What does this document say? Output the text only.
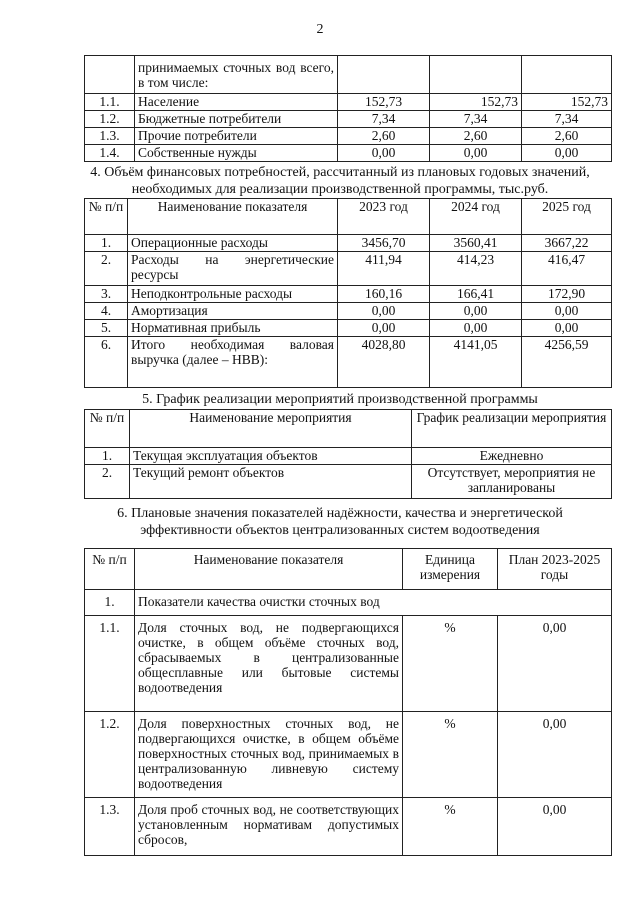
2
	принимаемых сточных вод всего, в том числе:			
1.1.	Население	152,73	152,73	152,73
1.2.	Бюджетные потребители	7,34	7,34	7,34
1.3.	Прочие потребители	2,60	2,60	2,60
1.4.	Собственные нужды	0,00	0,00	0,00
4. Объём финансовых потребностей, рассчитанный из плановых годовых значений, необходимых для реализации производственной программы, тыс.руб.
№ п/п	Наименование показателя	2023 год	2024 год	2025 год
1.	Операционные расходы	3456,70	3560,41	3667,22
2.	Расходы на энергетические ресурсы	411,94	414,23	416,47
3.	Неподконтрольные расходы	160,16	166,41	172,90
4.	Амортизация	0,00	0,00	0,00
5.	Нормативная прибыль	0,00	0,00	0,00
6.	Итого необходимая валовая выручка (далее – НВВ):	4028,80	4141,05	4256,59
5. График реализации мероприятий производственной программы
№ п/п	Наименование мероприятия	График реализации мероприятия
1.	Текущая эксплуатация объектов	Ежедневно
2.	Текущий ремонт объектов	Отсутствует, мероприятия не запланированы
6. Плановые значения показателей надёжности, качества и энергетической эффективности объектов централизованных систем водоотведения
№ п/п	Наименование показателя	Единица измерения	План 2023-2025 годы
1.	Показатели качества очистки сточных вод		
1.1.	Доля сточных вод, не подвергающихся очистке, в общем объёме сточных вод, сбрасываемых в централизованные общесплавные или бытовые системы водоотведения	%	0,00
1.2.	Доля поверхностных сточных вод, не подвергающихся очистке, в общем объёме поверхностных сточных вод, принимаемых в централизованную ливневую систему водоотведения	%	0,00
1.3.	Доля проб сточных вод, не соответствующих установленным нормативам допустимых сбросов,	%	0,00
